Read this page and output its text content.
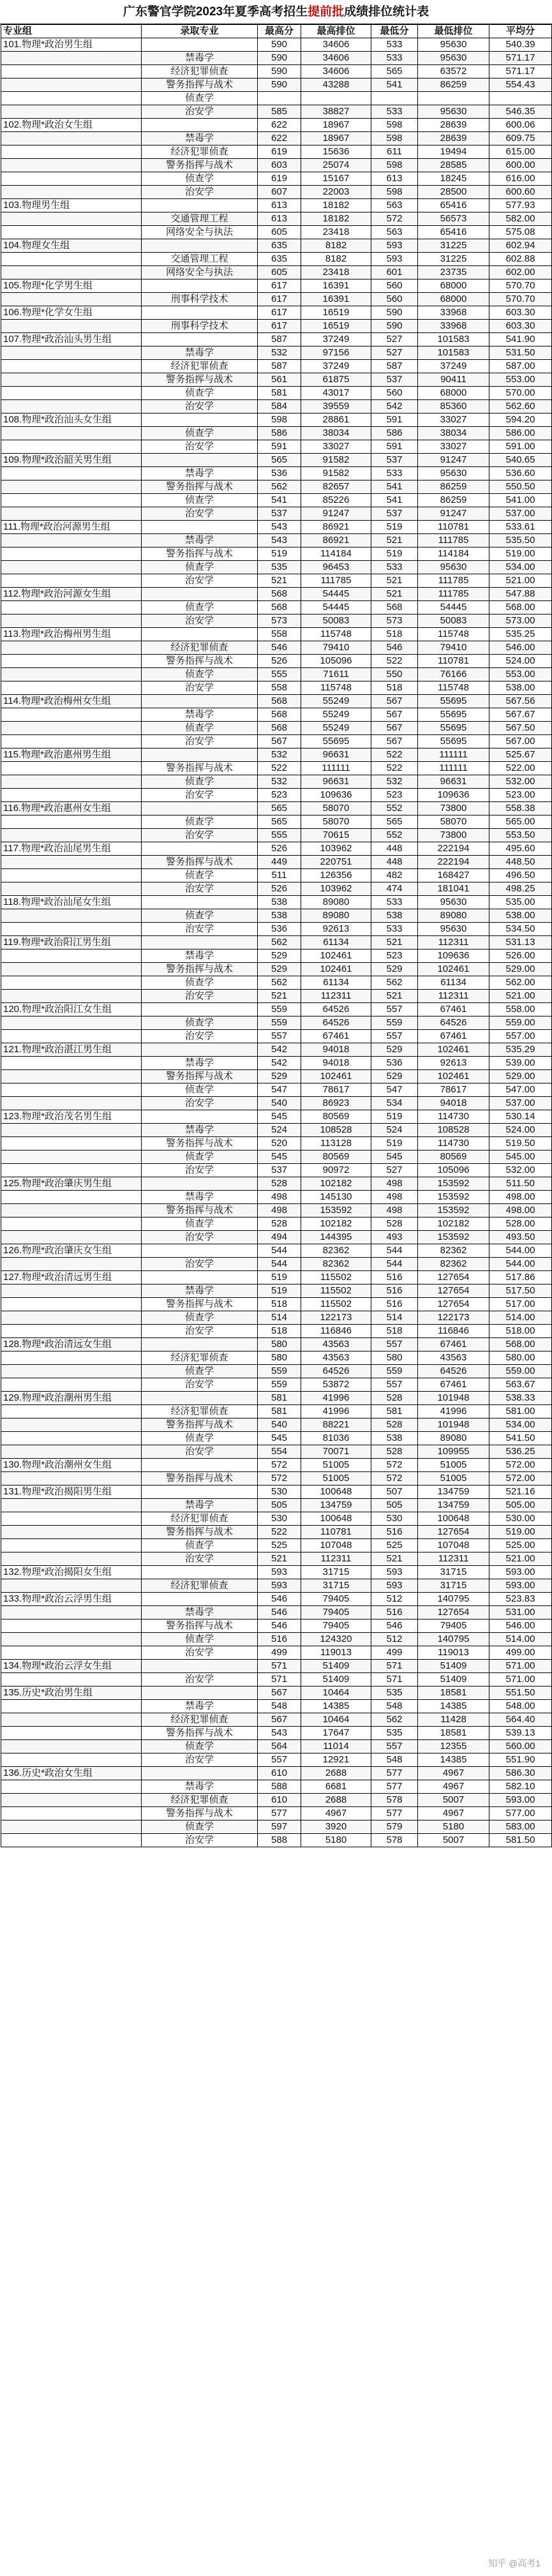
广东警官学院2023年夏季高考招生提前批成绩排位统计表
专业组	录取专业	最高分	最高排位	最低分	最低排位	平均分
101.物理*政治男生组		590	34606	533	95630	540.39
	禁毒学	590	34606	533	95630	571.17
	经济犯罪侦查	590	34606	565	63572	571.17
	警务指挥与战术	590	43288	541	86259	554.43
	侦查学					
	治安学	585	38827	533	95630	546.35
102.物理*政治女生组		622	18967	598	28639	600.06
	禁毒学	622	18967	598	28639	609.75
	经济犯罪侦查	619	15636	611	19494	615.00
	警务指挥与战术	603	25074	598	28585	600.00
	侦查学	619	15167	613	18245	616.00
	治安学	607	22003	598	28500	600.60
103.物理男生组		613	18182	563	65416	577.93
	交通管理工程	613	18182	572	56573	582.00
	网络安全与执法	605	23418	563	65416	575.08
104.物理女生组		635	8182	593	31225	602.94
	交通管理工程	635	8182	593	31225	602.88
	网络安全与执法	605	23418	601	23735	602.00
105.物理*化学男生组		617	16391	560	68000	570.70
	刑事科学技术	617	16391	560	68000	570.70
106.物理*化学女生组		617	16519	590	33968	603.30
	刑事科学技术	617	16519	590	33968	603.30
107.物理*政治汕头男生组		587	37249	527	101583	541.90
	禁毒学	532	97156	527	101583	531.50
	经济犯罪侦查	587	37249	587	37249	587.00
	警务指挥与战术	561	61875	537	90411	553.00
	侦查学	581	43017	560	68000	570.00
	治安学	584	39559	542	85360	562.60
108.物理*政治汕头女生组		598	28861	591	33027	594.20
	侦查学	586	38034	586	38034	586.00
	治安学	591	33027	591	33027	591.00
109.物理*政治韶关男生组		565	91582	537	91247	540.65
	禁毒学	536	91582	533	95630	536.60
	警务指挥与战术	562	82657	541	86259	550.50
	侦查学	541	85226	541	86259	541.00
	治安学	537	91247	537	91247	537.00
111.物理*政治河源男生组		543	86921	519	110781	533.61
	禁毒学	543	86921	521	111785	535.50
	警务指挥与战术	519	114184	519	114184	519.00
	侦查学	535	96453	533	95630	534.00
	治安学	521	111785	521	111785	521.00
112.物理*政治河源女生组		568	54445	521	111785	547.88
	侦查学	568	54445	568	54445	568.00
	治安学	573	50083	573	50083	573.00
113.物理*政治梅州男生组		558	115748	518	115748	535.25
	经济犯罪侦查	546	79410	546	79410	546.00
	警务指挥与战术	526	105096	522	110781	524.00
	侦查学	555	71611	550	76166	553.00
	治安学	558	115748	518	115748	538.00
114.物理*政治梅州女生组		568	55249	567	55695	567.56
	禁毒学	568	55249	567	55695	567.67
	侦查学	568	55249	567	55695	567.50
	治安学	567	55695	567	55695	567.00
115.物理*政治惠州男生组		532	96631	522	111111	525.67
	警务指挥与战术	522	111111	522	111111	522.00
	侦查学	532	96631	532	96631	532.00
	治安学	523	109636	523	109636	523.00
116.物理*政治惠州女生组		565	58070	552	73800	558.38
	侦查学	565	58070	565	58070	565.00
	治安学	555	70615	552	73800	553.50
117.物理*政治汕尾男生组		526	103962	448	222194	495.60
	警务指挥与战术	449	220751	448	222194	448.50
	侦查学	511	126356	482	168427	496.50
	治安学	526	103962	474	181041	498.25
118.物理*政治汕尾女生组		538	89080	533	95630	535.00
	侦查学	538	89080	538	89080	538.00
	治安学	536	92613	533	95630	534.50
119.物理*政治阳江男生组		562	61134	521	112311	531.13
	禁毒学	529	102461	523	109636	526.00
	警务指挥与战术	529	102461	529	102461	529.00
	侦查学	562	61134	562	61134	562.00
	治安学	521	112311	521	112311	521.00
120.物理*政治阳江女生组		559	64526	557	67461	558.00
	侦查学	559	64526	559	64526	559.00
	治安学	557	67461	557	67461	557.00
121.物理*政治湛江男生组		542	94018	529	102461	535.29
	禁毒学	542	94018	536	92613	539.00
	警务指挥与战术	529	102461	529	102461	529.00
	侦查学	547	78617	547	78617	547.00
	治安学	540	86923	534	94018	537.00
123.物理*政治茂名男生组		545	80569	519	114730	530.14
	禁毒学	524	108528	524	108528	524.00
	警务指挥与战术	520	113128	519	114730	519.50
	侦查学	545	80569	545	80569	545.00
	治安学	537	90972	527	105096	532.00
125.物理*政治肇庆男生组		528	102182	498	153592	511.50
	禁毒学	498	145130	498	153592	498.00
	警务指挥与战术	498	153592	498	153592	498.00
	侦查学	528	102182	528	102182	528.00
	治安学	494	144395	493	153592	493.50
126.物理*政治肇庆女生组		544	82362	544	82362	544.00
	治安学	544	82362	544	82362	544.00
127.物理*政治清远男生组		519	115502	516	127654	517.86
	禁毒学	519	115502	516	127654	517.50
	警务指挥与战术	518	115502	516	127654	517.00
	侦查学	514	122173	514	122173	514.00
	治安学	518	116846	518	116846	518.00
128.物理*政治清远女生组		580	43563	557	67461	568.00
	经济犯罪侦查	580	43563	580	43563	580.00
	侦查学	559	64526	559	64526	559.00
	治安学	559	53872	557	67461	563.67
129.物理*政治潮州男生组		581	41996	528	101948	538.33
	经济犯罪侦查	581	41996	581	41996	581.00
	警务指挥与战术	540	88221	528	101948	534.00
	侦查学	545	81036	538	89080	541.50
	治安学	554	70071	528	109955	536.25
130.物理*政治潮州女生组		572	51005	572	51005	572.00
	警务指挥与战术	572	51005	572	51005	572.00
131.物理*政治揭阳男生组		530	100648	507	134759	521.16
	禁毒学	505	134759	505	134759	505.00
	经济犯罪侦查	530	100648	530	100648	530.00
	警务指挥与战术	522	110781	516	127654	519.00
	侦查学	525	107048	525	107048	525.00
	治安学	521	112311	521	112311	521.00
132.物理*政治揭阳女生组		593	31715	593	31715	593.00
	经济犯罪侦查	593	31715	593	31715	593.00
133.物理*政治云浮男生组		546	79405	512	140795	523.83
	禁毒学	546	79405	516	127654	531.00
	警务指挥与战术	546	79405	546	79405	546.00
	侦查学	516	124320	512	140795	514.00
	治安学	499	119013	499	119013	499.00
134.物理*政治云浮女生组		571	51409	571	51409	571.00
	治安学	571	51409	571	51409	571.00
135.历史*政治男生组		567	10464	535	18581	551.50
	禁毒学	548	14385	548	14385	548.00
	经济犯罪侦查	567	10464	562	11428	564.40
	警务指挥与战术	543	17647	535	18581	539.13
	侦查学	564	11014	557	12355	560.00
	治安学	557	12921	548	14385	551.90
136.历史*政治女生组		610	2688	577	4967	586.30
	禁毒学	588	6681	577	4967	582.10
	经济犯罪侦查	610	2688	578	5007	593.00
	警务指挥与战术	577	4967	577	4967	577.00
	侦查学	597	3920	579	5180	583.00
	治安学	588	5180	578	5007	581.50
知乎 @高考1
